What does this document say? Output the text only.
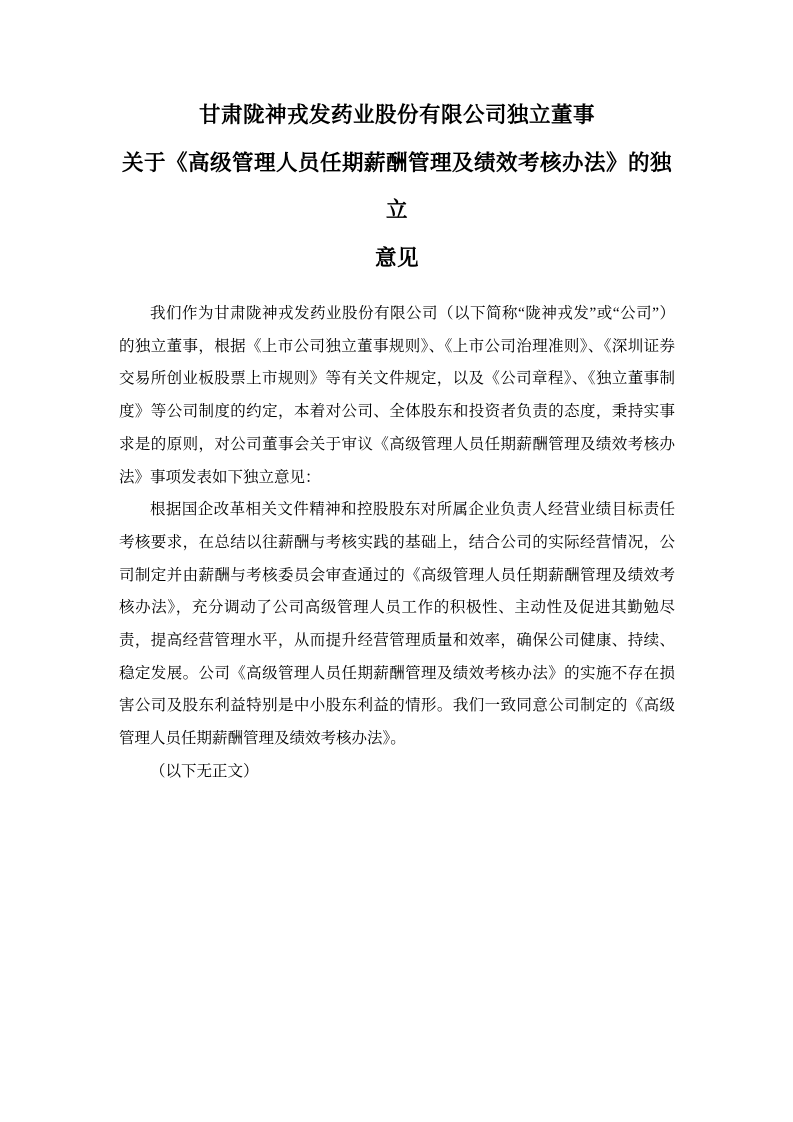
甘肃陇神戎发药业股份有限公司独立董事
关于《高级管理人员任期薪酬管理及绩效考核办法》的独立
意见

我们作为甘肃陇神戎发药业股份有限公司（以下简称“陇神戎发”或“公司”） 的独立董事，根据《上市公司独立董事规则》、《上市公司治理准则》、《深圳证券交易所创业板股票上市规则》等有关文件规定，以及《公司章程》、《独立董事制度》等公司制度的约定，本着对公司、全体股东和投资者负责的态度，秉持实事求是的原则，对公司董事会关于审议《高级管理人员任期薪酬管理及绩效考核办法》事项发表如下独立意见：

根据国企改革相关文件精神和控股股东对所属企业负责人经营业绩目标责任考核要求，在总结以往薪酬与考核实践的基础上，结合公司的实际经营情况，公司制定并由薪酬与考核委员会审查通过的《高级管理人员任期薪酬管理及绩效考核办法》，充分调动了公司高级管理人员工作的积极性、主动性及促进其勤勉尽责，提高经营管理水平，从而提升经营管理质量和效率，确保公司健康、持续、稳定发展。公司《高级管理人员任期薪酬管理及绩效考核办法》的实施不存在损害公司及股东利益特别是中小股东利益的情形。我们一致同意公司制定的《高级管理人员任期薪酬管理及绩效考核办法》。

（以下无正文）
